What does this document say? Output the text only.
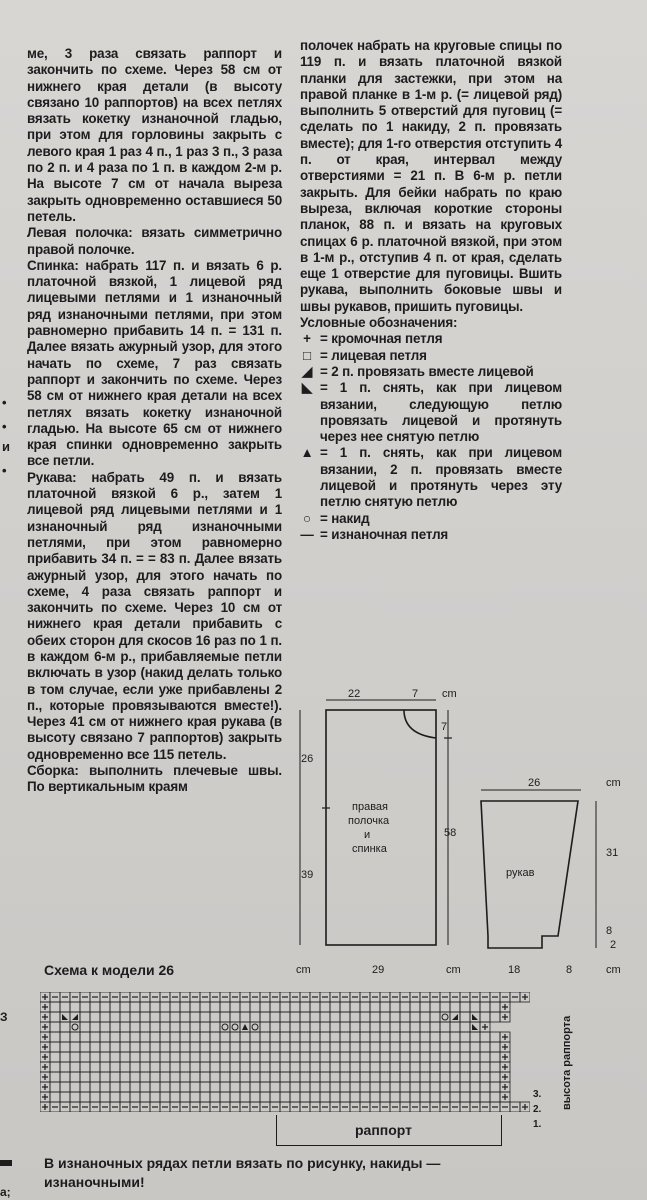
ме, 3 раза связать раппорт и закончить по схеме. Через 58 см от нижнего края детали (в высоту связано 10 раппортов) на всех петлях вязать кокетку изнаночной гладью, при этом для горловины закрыть с левого края 1 раз 4 п., 1 раз 3 п., 3 раза по 2 п. и 4 раза по 1 п. в каждом 2-м р. На высоте 7 см от начала выреза закрыть одновременно оставшиеся 50 петель.

Левая полочка: вязать симметрично правой полочке.

Спинка: набрать 117 п. и вязать 6 р. платочной вязкой, 1 лицевой ряд лицевыми петлями и 1 изнаночный ряд изнаночными петлями, при этом равномерно прибавить 14 п. = 131 п. Далее вязать ажурный узор, для этого начать по схеме, 7 раз связать раппорт и закончить по схеме. Через 58 см от нижнего края детали на всех петлях вязать кокетку изнаночной гладью. На высоте 65 см от нижнего края спинки одновременно закрыть все петли.

Рукава: набрать 49 п. и вязать платочной вязкой 6 р., затем 1 лицевой ряд лицевыми петлями и 1 изнаночный ряд изнаночными петлями, при этом равномерно прибавить 34 п. = = 83 п. Далее вязать ажурный узор, для этого начать по схеме, 4 раза связать раппорт и закончить по схеме. Через 10 см от нижнего края детали прибавить с обеих сторон для скосов 16 раз по 1 п. в каждом 6-м р., прибавляемые петли включать в узор (накид делать только в том случае, если уже прибавлены 2 п., которые провязываются вместе!). Через 41 см от нижнего края рукава (в высоту связано 7 раппортов) закрыть одновременно все 115 петель.

Сборка: выполнить плечевые швы. По вертикальным краям

•
•
и
•
З
а;

полочек набрать на круговые спицы по 119 п. и вязать платочной вязкой планки для застежки, при этом на правой планке в 1-м р. (= лицевой ряд) выполнить 5 отверстий для пуговиц (= сделать по 1 накиду, 2 п. провязать вместе); для 1-го отверстия отступить 4 п. от края, интервал между отверстиями = 21 п. В 6-м р. петли закрыть. Для бейки набрать по краю выреза, включая короткие стороны планок, 88 п. и вязать на круговых спицах 6 р. платочной вязкой, при этом в 1-м р., отступив 4 п. от края, сделать еще 1 отверстие для пуговицы. Вшить рукава, выполнить боковые швы и швы рукавов, пришить пуговицы.

Условные обозначения:

+ = кромочная петля
□ = лицевая петля
◢ = 2 п. провязать вместе лицевой
◣ = 1 п. снять, как при лицевом вязании, следующую петлю провязать лицевой и протянуть через нее снятую петлю
▲ = 1 п. снять, как при лицевом вязании, 2 п. провязать вместе лицевой и протянуть через эту петлю снятую петлю
○ = накид
— = изнаночная петля
22	7 cm
26
39
7
58
правая
полочка
и
спинка
cm	29	cm
26	cm
рукав
31
8
2
18	8	cm
Схема к модели 26
высота раппорта
3.
2.
1.
раппорт
В изнаночных рядах петли вязать по рисунку, накиды — изнаночными!
